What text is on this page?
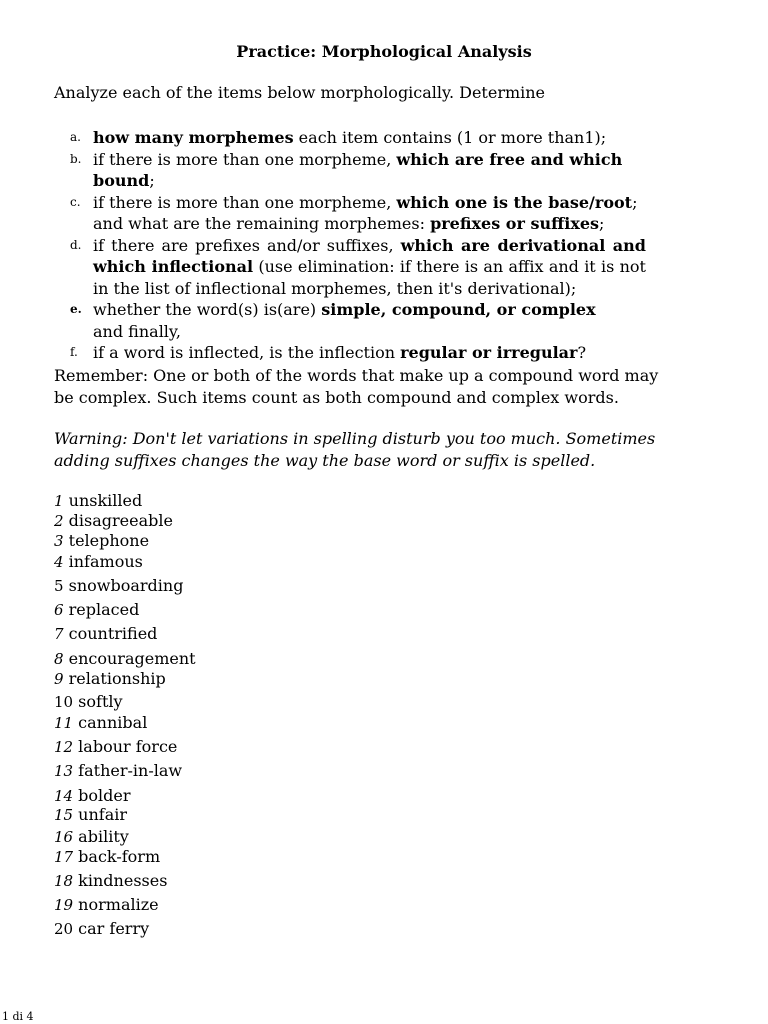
Practice: Morphological Analysis
Analyze each of the items below morphologically. Determine
a. how many morphemes each item contains (1 or more than1);
b. if there is more than one morpheme, which are free and which bound;
c. if there is more than one morpheme, which one is the base/root;
and what are the remaining morphemes: prefixes or suffixes;
d. if there are prefixes and/or suffixes, which are derivational and which inflectional (use elimination: if there is an affix and it is not in the list of inflectional morphemes, then it's derivational);
e. whether the word(s) is(are) simple, compound, or complex
and finally,
f. if a word is inflected, is the inflection regular or irregular?
Remember: One or both of the words that make up a compound word may be complex. Such items count as both compound and complex words.
Warning: Don't let variations in spelling disturb you too much. Sometimes adding suffixes changes the way the base word or suffix is spelled.
1 unskilled
2 disagreeable
3 telephone
4 infamous
5 snowboarding
6 replaced
7 countrified
8 encouragement
9 relationship
10 softly
11 cannibal
12 labour force
13 father-in-law
14 bolder
15 unfair
16 ability
17 back-form
18 kindnesses
19 normalize
20 car ferry
1 di 4
